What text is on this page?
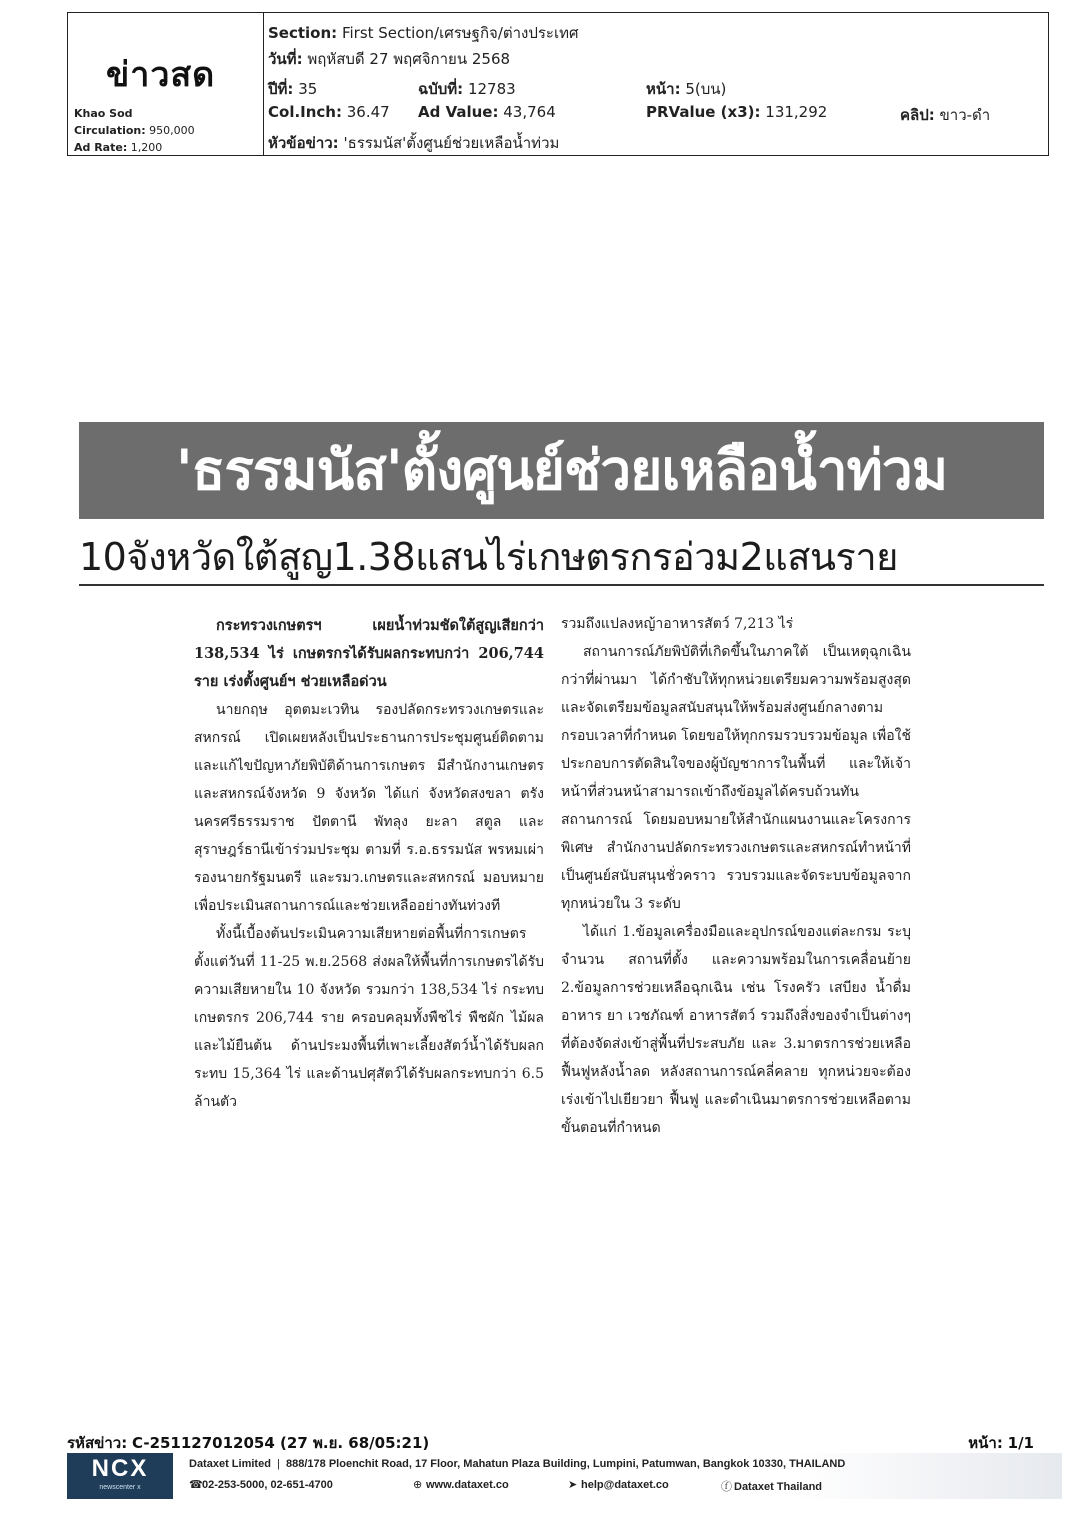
ข่าวสด
Khao Sod
Circulation: 950,000
Ad Rate: 1,200
Section: First Section/เศรษฐกิจ/ต่างประเทศ
วันที่: พฤหัสบดี 27 พฤศจิกายน 2568
ปีที่: 35	ฉบับที่: 12783	หน้า: 5(บน)
Col.Inch: 36.47 Ad Value: 43,764	PRValue (x3): 131,292	คลิป: ขาว-ดำ
หัวข้อข่าว: 'ธรรมนัส'ตั้งศูนย์ช่วยเหลือน้ำท่วม
'ธรรมนัส'ตั้งศูนย์ช่วยเหลือน้ำท่วม
10จังหวัดใต้สูญ1.38แสนไร่เกษตรกรอ่วม2แสนราย

กระทรวงเกษตรฯ เผยน้ำท่วมชัดใต้สูญเสียกว่า 138,534 ไร่ เกษตรกรได้รับผลกระทบกว่า 206,744 ราย เร่งตั้งศูนย์ฯ ช่วยเหลือด่วน

นายกฤษ อุตตมะเวทิน รองปลัดกระทรวงเกษตรและสหกรณ์ เปิดเผยหลังเป็นประธานการประชุมศูนย์ติดตามและแก้ไขปัญหาภัยพิบัติด้านการเกษตร มีสำนักงานเกษตรและสหกรณ์จังหวัด 9 จังหวัด ได้แก่ จังหวัดสงขลา ตรัง นครศรีธรรมราช ปัตตานี พัทลุง ยะลา สตูล และสุราษฎร์ธานีเข้าร่วมประชุม ตามที่ ร.อ.ธรรมนัส พรหมเผ่า รองนายกรัฐมนตรี และรมว.เกษตรและสหกรณ์ มอบหมายเพื่อประเมินสถานการณ์และช่วยเหลืออย่างทันท่วงที

ทั้งนี้เบื้องต้นประเมินความเสียหายต่อพื้นที่การเกษตร ตั้งแต่วันที่ 11-25 พ.ย.2568 ส่งผลให้พื้นที่การเกษตรได้รับความเสียหายใน 10 จังหวัด รวมกว่า 138,534 ไร่ กระทบเกษตรกร 206,744 ราย ครอบคลุมทั้งพืชไร่ พืชผัก ไม้ผล และไม้ยืนต้น ด้านประมงพื้นที่เพาะเลี้ยงสัตว์น้ำได้รับผลกระทบ 15,364 ไร่ และด้านปศุสัตว์ได้รับผลกระทบกว่า 6.5 ล้านตัว

รวมถึงแปลงหญ้าอาหารสัตว์ 7,213 ไร่

สถานการณ์ภัยพิบัติที่เกิดขึ้นในภาคใต้ เป็นเหตุฉุกเฉินกว่าที่ผ่านมา ได้กำชับให้ทุกหน่วยเตรียมความพร้อมสูงสุด และจัดเตรียมข้อมูลสนับสนุนให้พร้อมส่งศูนย์กลางตามกรอบเวลาที่กำหนด โดยขอให้ทุกกรมรวบรวมข้อมูล เพื่อใช้ประกอบการตัดสินใจของผู้บัญชาการในพื้นที่ และให้เจ้าหน้าที่ส่วนหน้าสามารถเข้าถึงข้อมูลได้ครบถ้วนทันสถานการณ์ โดยมอบหมายให้สำนักแผนงานและโครงการพิเศษ สำนักงานปลัดกระทรวงเกษตรและสหกรณ์ทำหน้าที่เป็นศูนย์สนับสนุนชั่วคราว รวบรวมและจัดระบบข้อมูลจากทุกหน่วยใน 3 ระดับ

ได้แก่ 1.ข้อมูลเครื่องมือและอุปกรณ์ของแต่ละกรม ระบุจำนวน สถานที่ตั้ง และความพร้อมในการเคลื่อนย้าย 2.ข้อมูลการช่วยเหลือฉุกเฉิน เช่น โรงครัว เสบียง น้ำดื่ม อาหาร ยา เวชภัณฑ์ อาหารสัตว์ รวมถึงสิ่งของจำเป็นต่างๆ ที่ต้องจัดส่งเข้าสู่พื้นที่ประสบภัย และ 3.มาตรการช่วยเหลือฟื้นฟูหลังน้ำลด หลังสถานการณ์คลี่คลาย ทุกหน่วยจะต้องเร่งเข้าไปเยียวยา ฟื้นฟู และดำเนินมาตรการช่วยเหลือตามขั้นตอนที่กำหนด

รหัสข่าว: C-251127012054 (27 พ.ย. 68/05:21)	หน้า: 1/1
NCX
newscenter x
Dataxet Limited  |  888/178 Ploenchit Road, 17 Floor, Mahatun Plaza Building, Lumpini, Patumwan, Bangkok 10330, THAILAND
☎02-253-5000, 02-651-4700	⊕ www.dataxet.co	➤ help@dataxet.co	ⓕ Dataxet Thailand
